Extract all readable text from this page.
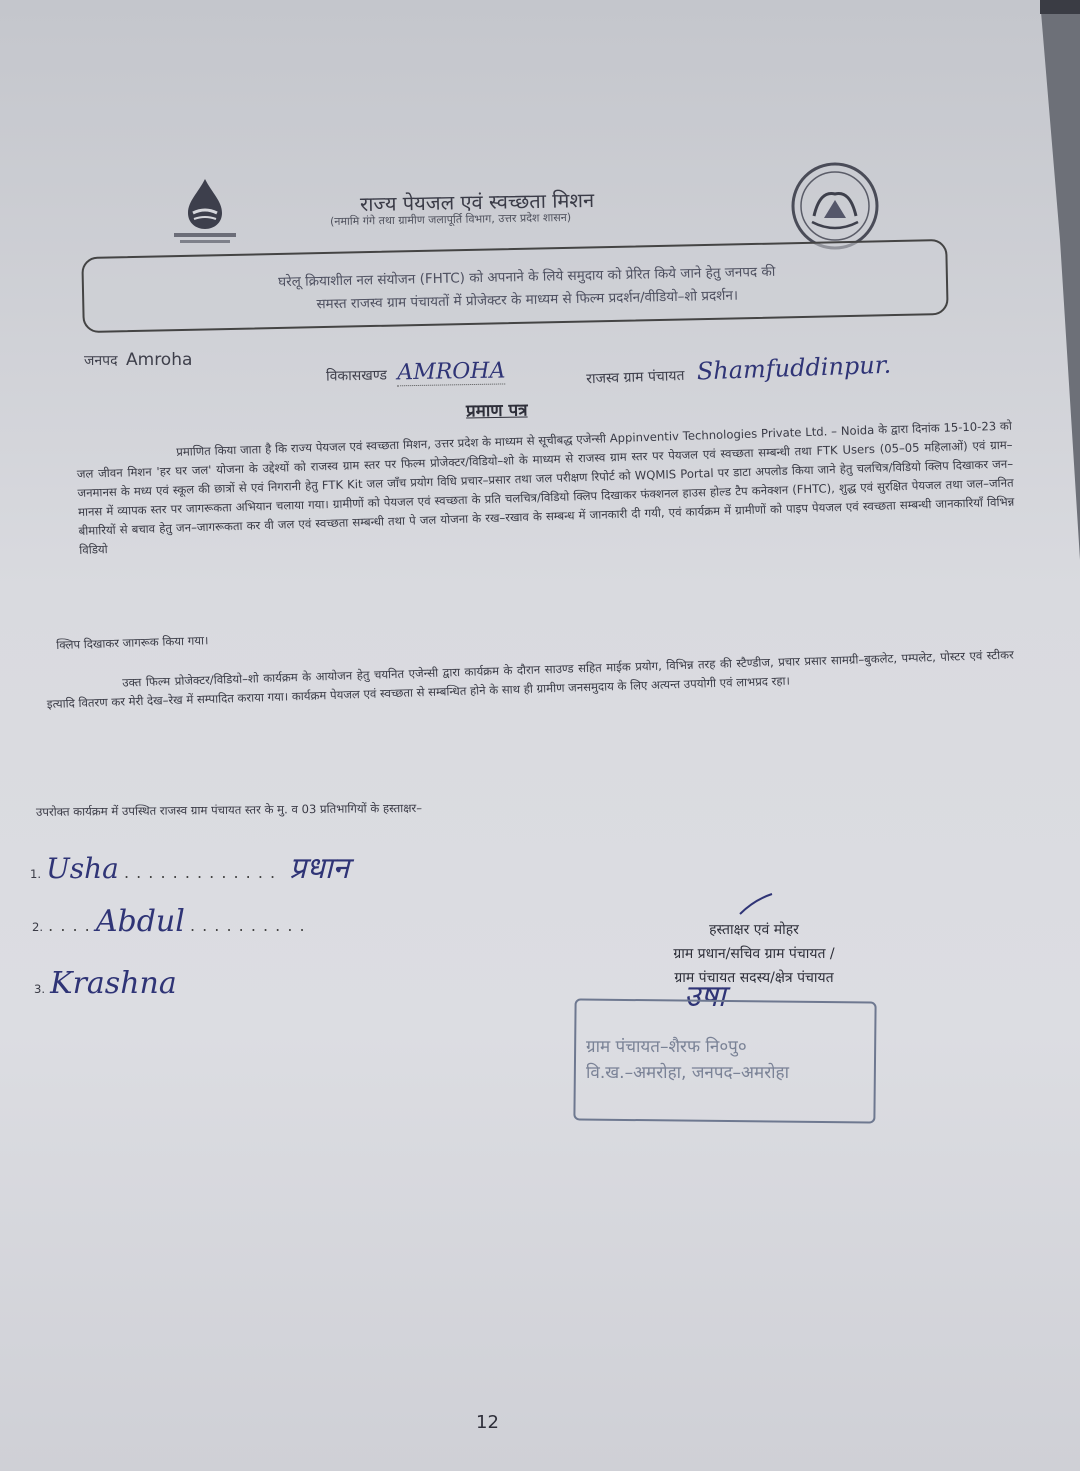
राज्य पेयजल एवं स्वच्छता मिशन
(नमामि गंगे तथा ग्रामीण जलापूर्ति विभाग, उत्तर प्रदेश शासन)
घरेलू क्रियाशील नल संयोजन (FHTC) को अपनाने के लिये समुदाय को प्रेरित किये जाने हेतु जनपद की
समस्त राजस्व ग्राम पंचायतों में प्रोजेक्टर के माध्यम से फिल्म प्रदर्शन/वीडियो–शो प्रदर्शन।
जनपद Amroha
विकासखण्ड AMROHA	राजस्व ग्राम पंचायत Shamfuddinpur.
प्रमाण पत्र

प्रमाणित किया जाता है कि राज्य पेयजल एवं स्वच्छता मिशन, उत्तर प्रदेश के माध्यम से सूचीबद्ध एजेन्सी Appinventiv Technologies Private Ltd. – Noida के द्वारा दिनांक 15-10-23 को जल जीवन मिशन 'हर घर जल' योजना के उद्देश्यों को राजस्व ग्राम स्तर पर फिल्म प्रोजेक्टर/विडियो–शो के माध्यम से राजस्व ग्राम स्तर पर पेयजल एवं स्वच्छता सम्बन्धी तथा FTK Users (05–05 महिलाओं) एवं ग्राम–जनमानस के मध्य एवं स्कूल की छात्रों से एवं निगरानी हेतु FTK Kit जल जाँच प्रयोग विधि प्रचार–प्रसार तथा जल परीक्षण रिपोर्ट को WQMIS Portal पर डाटा अपलोड किया जाने हेतु चलचित्र/विडियो क्लिप दिखाकर जन–मानस में व्यापक स्तर पर जागरूकता अभियान चलाया गया। ग्रामीणों को पेयजल एवं स्वच्छता के प्रति चलचित्र/विडियो क्लिप दिखाकर फंक्शनल हाउस होल्ड टैप कनेक्शन (FHTC), शुद्ध एवं सुरक्षित पेयजल तथा जल–जनित बीमारियों से बचाव हेतु जन–जागरूकता कर वी जल एवं स्वच्छता सम्बन्धी तथा पे जल योजना के रख–रखाव के सम्बन्ध में जानकारी दी गयी, एवं कार्यक्रम में ग्रामीणों को पाइप पेयजल एवं स्वच्छता सम्बन्धी जानकारियाँ विभिन्न विडियो

क्लिप दिखाकर जागरूक किया गया।

उक्त फिल्म प्रोजेक्टर/विडियो–शो कार्यक्रम के आयोजन हेतु चयनित एजेन्सी द्वारा कार्यक्रम के दौरान साउण्ड सहित माईक प्रयोग, विभिन्न तरह की स्टैण्डीज, प्रचार प्रसार सामग्री–बुकलेट, पम्पलेट, पोस्टर एवं स्टीकर इत्यादि वितरण कर मेरी देख–रेख में सम्पादित कराया गया। कार्यक्रम पेयजल एवं स्वच्छता से सम्बन्धित होने के साथ ही ग्रामीण जनसमुदाय के लिए अत्यन्त उपयोगी एवं लाभप्रद रहा।

उपरोक्त कार्यक्रम में उपस्थित राजस्व ग्राम पंचायत स्तर के मु. व 03 प्रतिभागियों के हस्ताक्षर–
1. Usha . . . . . . . . . . . . . प्रधान
2. . . . . Abdul . . . . . . . . . .
3. Krashna
हस्ताक्षर एवं मोहर
ग्राम प्रधान/सचिव ग्राम पंचायत /
ग्राम पंचायत सदस्य/क्षेत्र पंचायत
उषा
ग्राम पंचायत–शैरफ नि०पु०
वि.ख.–अमरोहा, जनपद–अमरोहा
12
